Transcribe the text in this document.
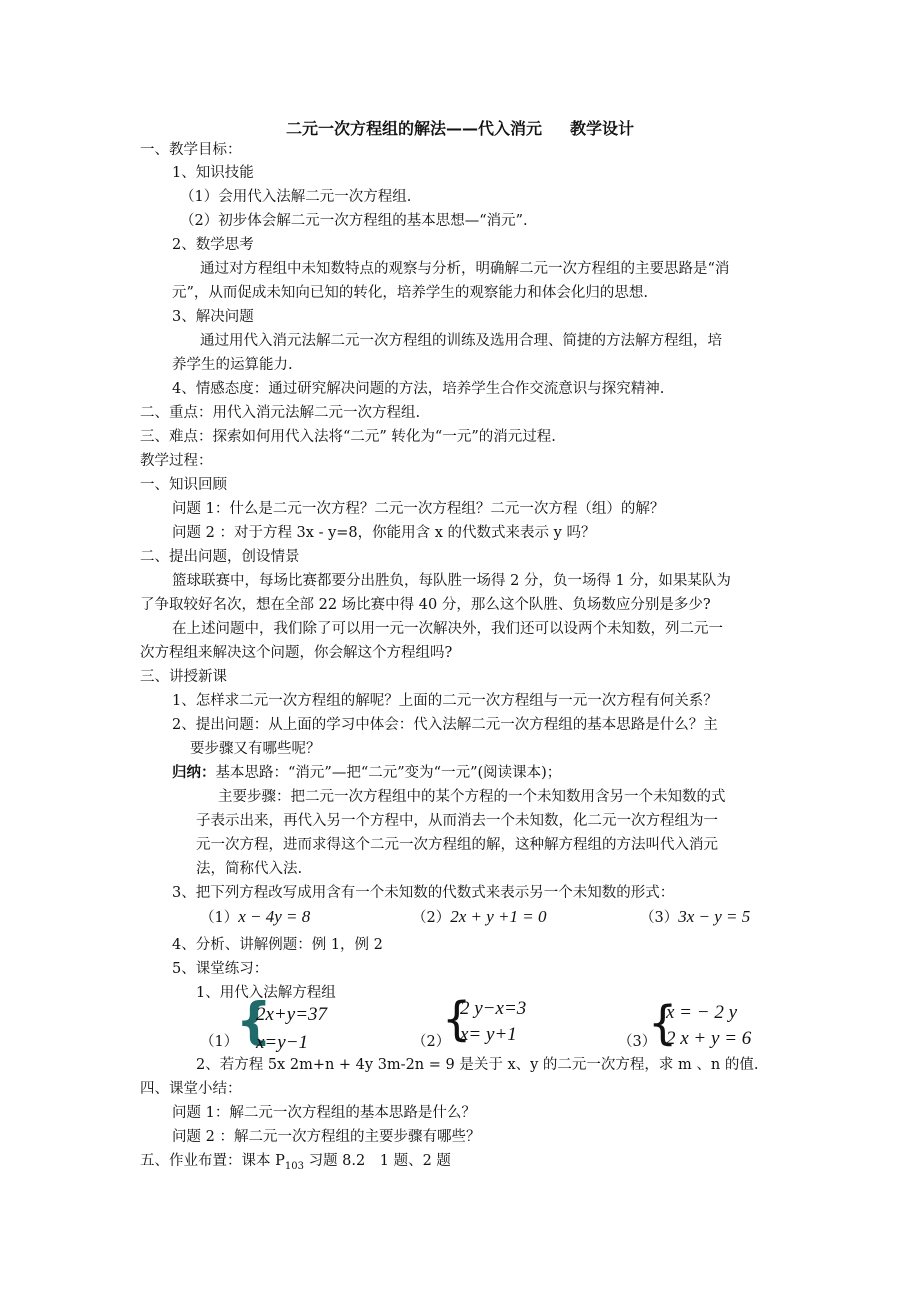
二元一次方程组的解法——代入消元 教学设计
一、教学目标：
1、知识技能
（1）会用代入法解二元一次方程组.
（2）初步体会解二元一次方程组的基本思想—“消元”.
2、数学思考
通过对方程组中未知数特点的观察与分析，明确解二元一次方程组的主要思路是“消
元”，从而促成未知向已知的转化，培养学生的观察能力和体会化归的思想.
3、解决问题
通过用代入消元法解二元一次方程组的训练及选用合理、简捷的方法解方程组，培
养学生的运算能力.
4、情感态度：通过研究解决问题的方法，培养学生合作交流意识与探究精神.
二、重点：用代入消元法解二元一次方程组.
三、难点：探索如何用代入法将“二元” 转化为“一元”的消元过程.
教学过程：
一、知识回顾
问题 1：什么是二元一次方程？二元一次方程组？二元一次方程（组）的解？
问题 2 ：对于方程 3x - y=8，你能用含 x 的代数式来表示 y 吗？
二、提出问题，创设情景
篮球联赛中，每场比赛都要分出胜负，每队胜一场得 2 分，负一场得 1 分，如果某队为
了争取较好名次，想在全部 22 场比赛中得 40 分，那么这个队胜、负场数应分别是多少?
在上述问题中，我们除了可以用一元一次解决外，我们还可以设两个未知数，列二元一
次方程组来解决这个问题，你会解这个方程组吗?
三、讲授新课
1、怎样求二元一次方程组的解呢？上面的二元一次方程组与一元一次方程有何关系？
2、提出问题：从上面的学习中体会：代入法解二元一次方程组的基本思路是什么？主
要步骤又有哪些呢？
归纳：基本思路：“消元”—把“二元”变为“一元”(阅读课本)；
主要步骤：把二元一次方程组中的某个方程的一个未知数用含另一个未知数的式
子表示出来，再代入另一个方程中，从而消去一个未知数，化二元一次方程组为一
元一次方程，进而求得这个二元一次方程组的解，这种解方程组的方法叫代入消元
法，简称代入法.
3、把下列方程改写成用含有一个未知数的代数式来表示另一个未知数的形式：
（1）x − 4y = 8	（2）2x + y +1 = 0	（3）3x − y = 5
4、分析、讲解例题：例 1，例 2
5、课堂练习：
1、用代入法解方程组
（1）
{
2x+y=37
x=y−1	（2）
{
2 y−x=3
x= y+1	（3）
{
x = − 2 y
2 x + y = 6
2、若方程 5x 2m+n + 4y 3m-2n = 9 是关于 x、y 的二元一次方程，求 m 、n 的值.
四、课堂小结：
问题 1：解二元一次方程组的基本思路是什么？
问题 2 ：解二元一次方程组的主要步骤有哪些？
五、作业布置：课本 $P_{103}$ 习题 8.2　1 题、2 题
